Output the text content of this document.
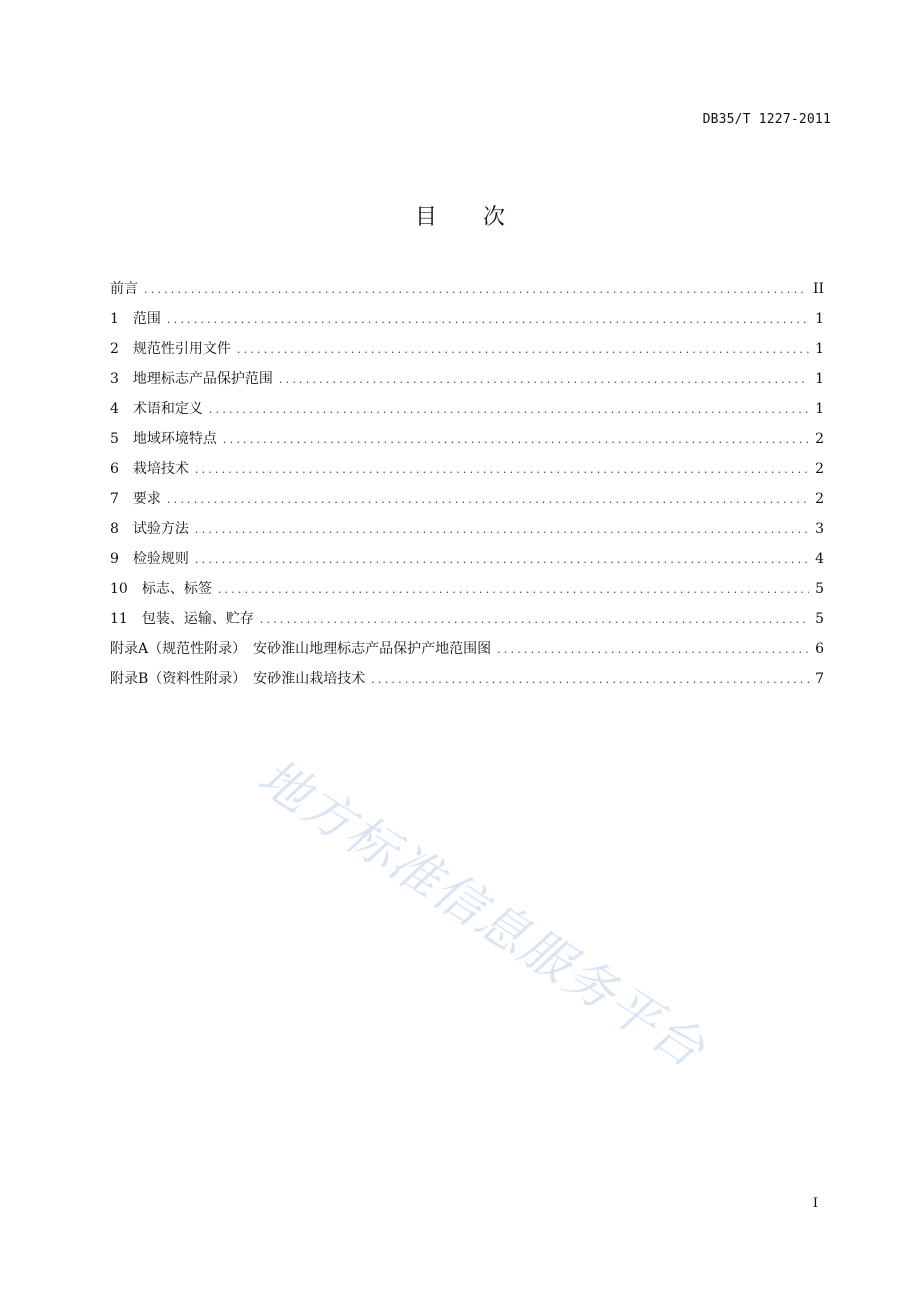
DB35/T 1227-2011
目次
前言 .....	II
1	范围 .....	1
2	规范性引用文件 .....	1
3	地理标志产品保护范围 .....	1
4	术语和定义 .....	1
5	地域环境特点 .....	2
6	栽培技术 .....	2
7	要求 .....	2
8	试验方法 .....	3
9	检验规则 .....	4
10	标志、标签 .....	5
11	包装、运输、贮存 .....	5
附录A（规范性附录）　安砂淮山地理标志产品保护产地范围图 .....	6
附录B（资料性附录）　安砂淮山栽培技术 .....	7
地方标准信息服务平台
I
